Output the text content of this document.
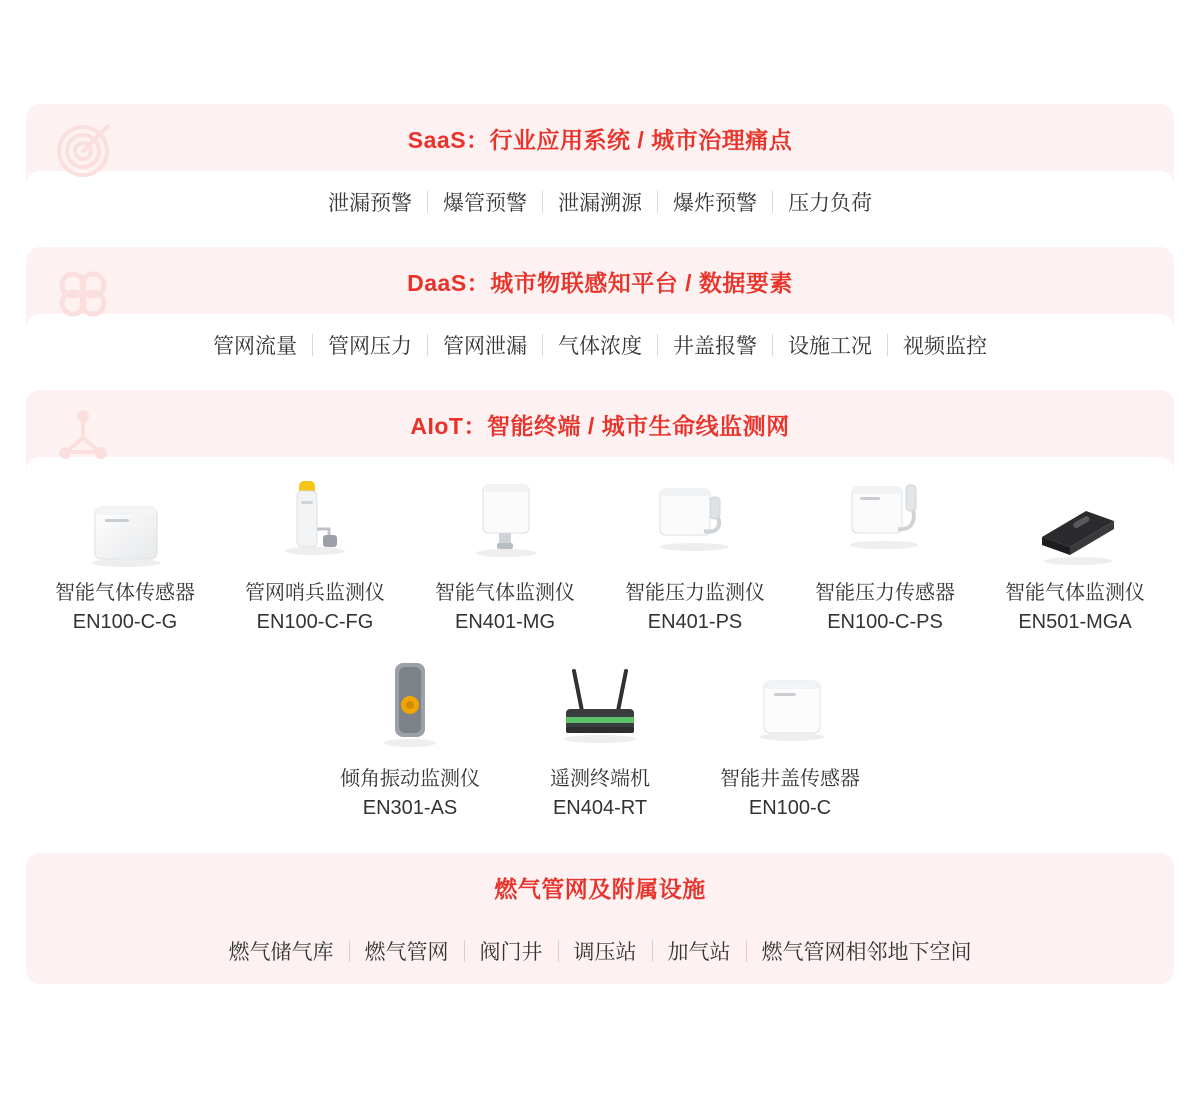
SaaS：行业应用系统 / 城市治理痛点
泄漏预警	爆管预警	泄漏溯源	爆炸预警	压力负荷
DaaS：城市物联感知平台 / 数据要素
管网流量	管网压力	管网泄漏	气体浓度	井盖报警	设施工况	视频监控
AIoT：智能终端 / 城市生命线监测网
智能气体传感器
EN100-C-G
管网哨兵监测仪
EN100-C-FG
智能气体监测仪
EN401-MG
智能压力监测仪
EN401-PS
智能压力传感器
EN100-C-PS
智能气体监测仪
EN501-MGA
倾角振动监测仪
EN301-AS
遥测终端机
EN404-RT
智能井盖传感器
EN100-C
燃气管网及附属设施
燃气储气库	燃气管网	阀门井	调压站	加气站	燃气管网相邻地下空间
